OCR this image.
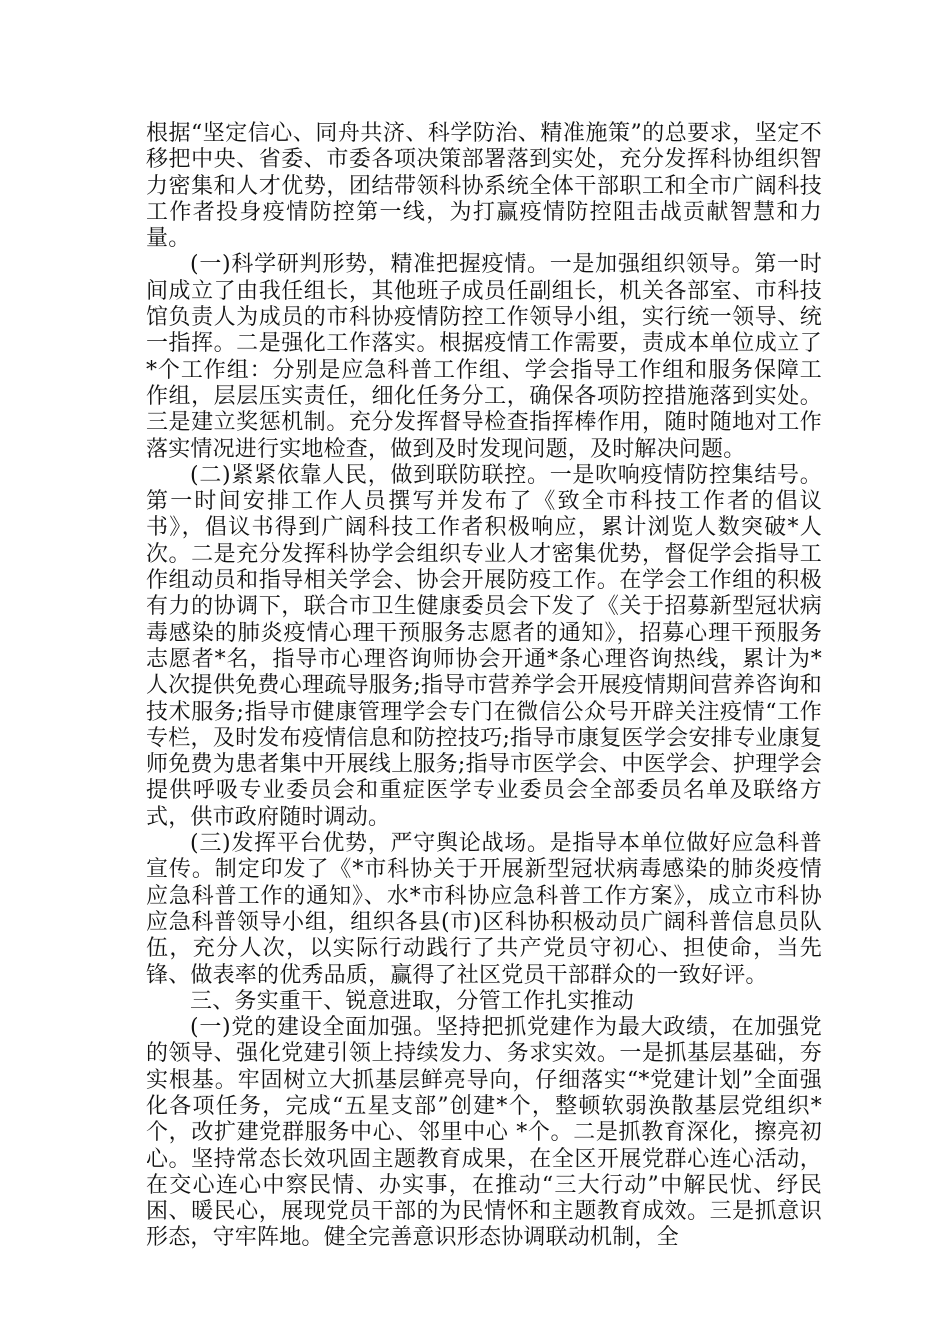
根据“坚定信心、同舟共济、科学防治、精准施策”的总要求，坚定不移把中央、省委、市委各项决策部署落到实处，充分发挥科协组织智力密集和人才优势，团结带领科协系统全体干部职工和全市广阔科技工作者投身疫情防控第一线，为打赢疫情防控阻击战贡献智慧和力量。

(一)科学研判形势，精准把握疫情。一是加强组织领导。第一时间成立了由我任组长，其他班子成员任副组长，机关各部室、市科技馆负责人为成员的市科协疫情防控工作领导小组，实行统一领导、统一指挥。二是强化工作落实。根据疫情工作需要，责成本单位成立了*个工作组：分别是应急科普工作组、学会指导工作组和服务保障工作组，层层压实责任，细化任务分工，确保各项防控措施落到实处。三是建立奖惩机制。充分发挥督导检查指挥棒作用，随时随地对工作落实情况进行实地检查，做到及时发现问题，及时解决问题。

(二)紧紧依靠人民，做到联防联控。一是吹响疫情防控集结号。第一时间安排工作人员撰写并发布了《致全市科技工作者的倡议书》，倡议书得到广阔科技工作者积极响应，累计浏览人数突破*人次。二是充分发挥科协学会组织专业人才密集优势，督促学会指导工作组动员和指导相关学会、协会开展防疫工作。在学会工作组的积极有力的协调下，联合市卫生健康委员会下发了《关于招募新型冠状病毒感染的肺炎疫情心理干预服务志愿者的通知》，招募心理干预服务志愿者*名，指导市心理咨询师协会开通*条心理咨询热线，累计为*人次提供免费心理疏导服务;指导市营养学会开展疫情期间营养咨询和技术服务;指导市健康管理学会专门在微信公众号开辟关注疫情“工作专栏，及时发布疫情信息和防控技巧;指导市康复医学会安排专业康复师免费为患者集中开展线上服务;指导市医学会、中医学会、护理学会提供呼吸专业委员会和重症医学专业委员会全部委员名单及联络方式，供市政府随时调动。

(三)发挥平台优势，严守舆论战场。是指导本单位做好应急科普宣传。制定印发了《*市科协关于开展新型冠状病毒感染的肺炎疫情应急科普工作的通知》、水*市科协应急科普工作方案》，成立市科协应急科普领导小组，组织各县(市)区科协积极动员广阔科普信息员队伍，充分人次，以实际行动践行了共产党员守初心、担使命，当先锋、做表率的优秀品质，赢得了社区党员干部群众的一致好评。

三、务实重干、锐意进取，分管工作扎实推动

(一)党的建设全面加强。坚持把抓党建作为最大政绩，在加强党的领导、强化党建引领上持续发力、务求实效。一是抓基层基础，夯实根基。牢固树立大抓基层鲜亮导向，仔细落实“*党建计划”全面强化各项任务，完成“五星支部”创建*个，整顿软弱涣散基层党组织*个，改扩建党群服务中心、邻里中心 *个。二是抓教育深化，擦亮初心。坚持常态长效巩固主题教育成果，在全区开展党群心连心活动，在交心连心中察民情、办实事，在推动“三大行动”中解民忧、纾民困、暖民心，展现党员干部的为民情怀和主题教育成效。三是抓意识形态，守牢阵地。健全完善意识形态协调联动机制，全
